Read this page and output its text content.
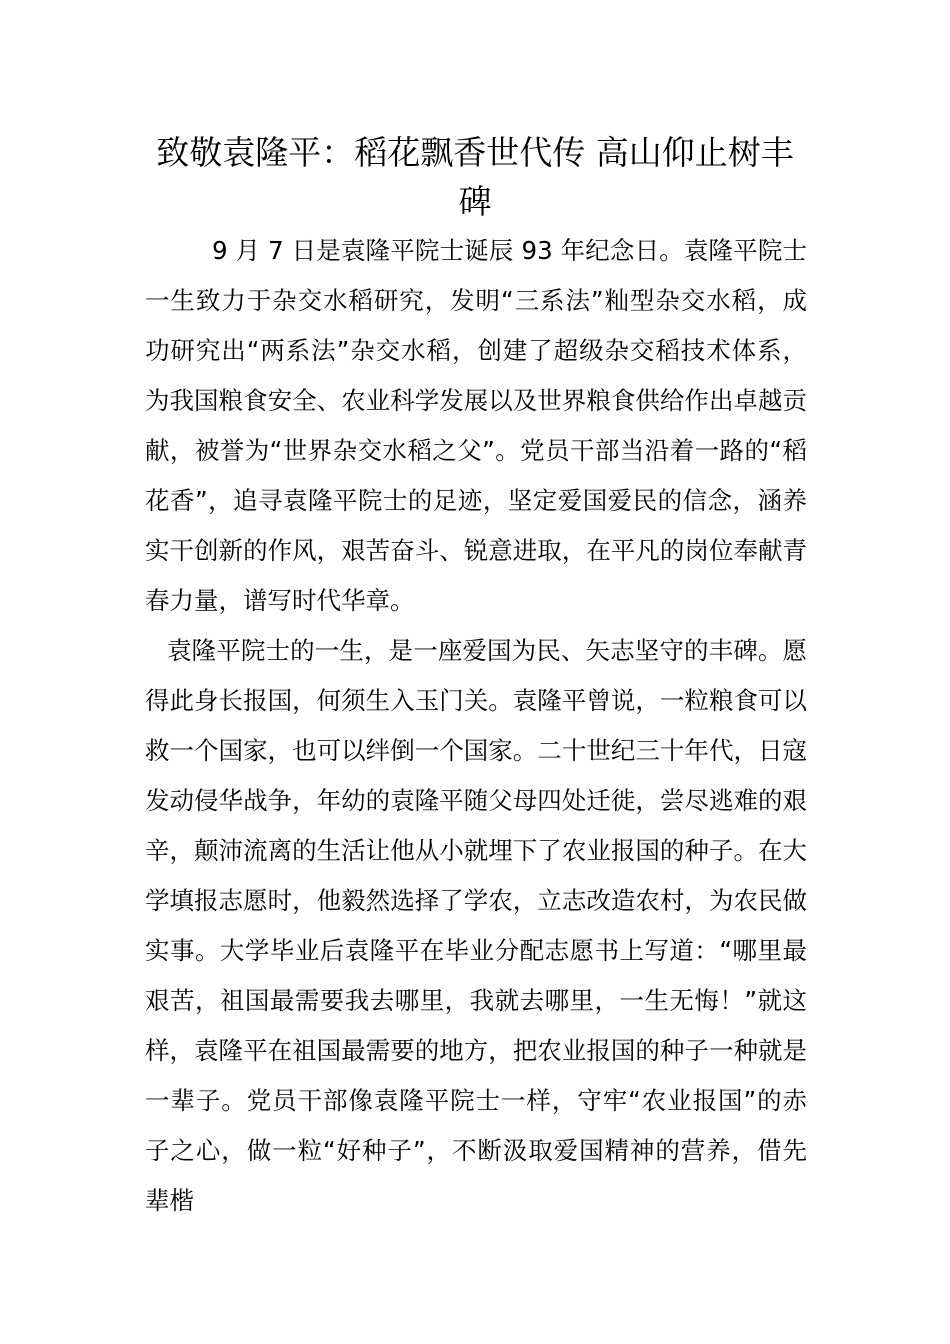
致敬袁隆平：稻花飘香世代传 高山仰止树丰碑

9 月 7 日是袁隆平院士诞辰 93 年纪念日。袁隆平院士一生致力于杂交水稻研究，发明“三系法”籼型杂交水稻，成功研究出“两系法”杂交水稻，创建了超级杂交稻技术体系，为我国粮食安全、农业科学发展以及世界粮食供给作出卓越贡献，被誉为“世界杂交水稻之父”。党员干部当沿着一路的“稻花香”，追寻袁隆平院士的足迹，坚定爱国爱民的信念，涵养实干创新的作风，艰苦奋斗、锐意进取，在平凡的岗位奉献青春力量，谱写时代华章。

袁隆平院士的一生，是一座爱国为民、矢志坚守的丰碑。愿得此身长报国，何须生入玉门关。袁隆平曾说，一粒粮食可以救一个国家，也可以绊倒一个国家。二十世纪三十年代，日寇发动侵华战争，年幼的袁隆平随父母四处迁徙，尝尽逃难的艰辛，颠沛流离的生活让他从小就埋下了农业报国的种子。在大学填报志愿时，他毅然选择了学农，立志改造农村，为农民做实事。大学毕业后袁隆平在毕业分配志愿书上写道：“哪里最艰苦，祖国最需要我去哪里，我就去哪里，一生无悔！”就这样，袁隆平在祖国最需要的地方，把农业报国的种子一种就是一辈子。党员干部像袁隆平院士一样，守牢“农业报国”的赤子之心，做一粒“好种子”，不断汲取爱国精神的营养，借先辈楷
